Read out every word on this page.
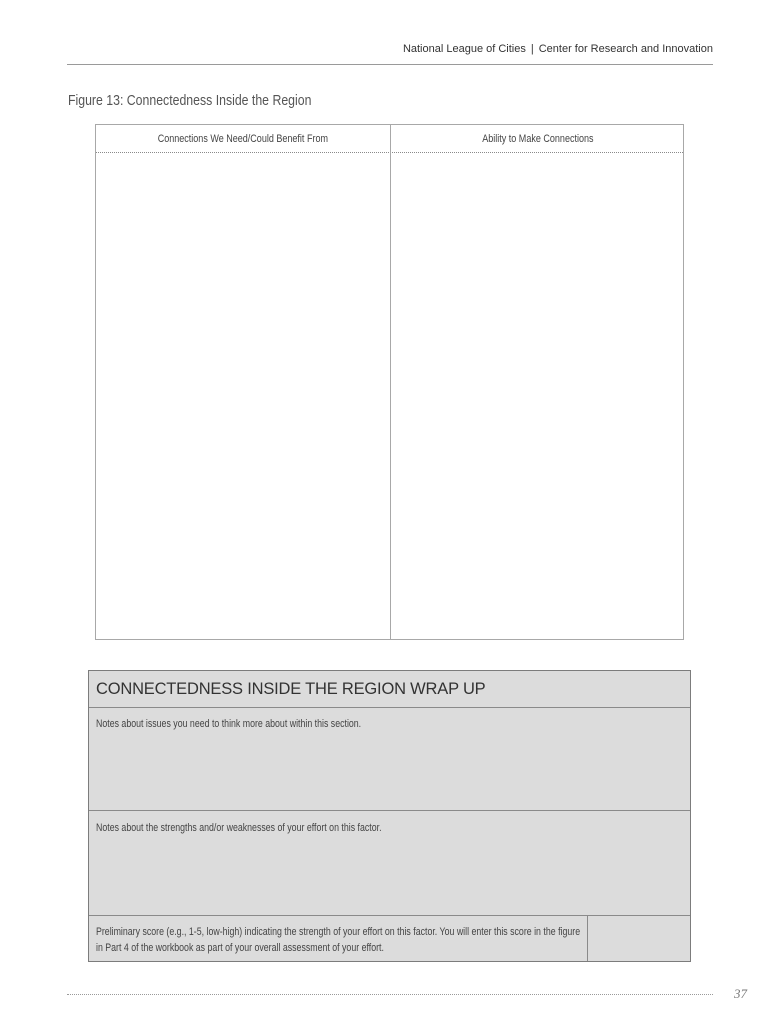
National League of Cities | Center for Research and Innovation
Figure 13: Connectedness Inside the Region
Connections We Need/Could Benefit From	Ability to Make Connections
CONNECTEDNESS INSIDE THE REGION WRAP UP
Notes about issues you need to think more about within this section.
Notes about the strengths and/or weaknesses of your effort on this factor.
Preliminary score (e.g., 1-5, low-high) indicating the strength of your effort on this factor. You will enter this score in the figure in Part 4 of the workbook as part of your overall assessment of your effort.
37
